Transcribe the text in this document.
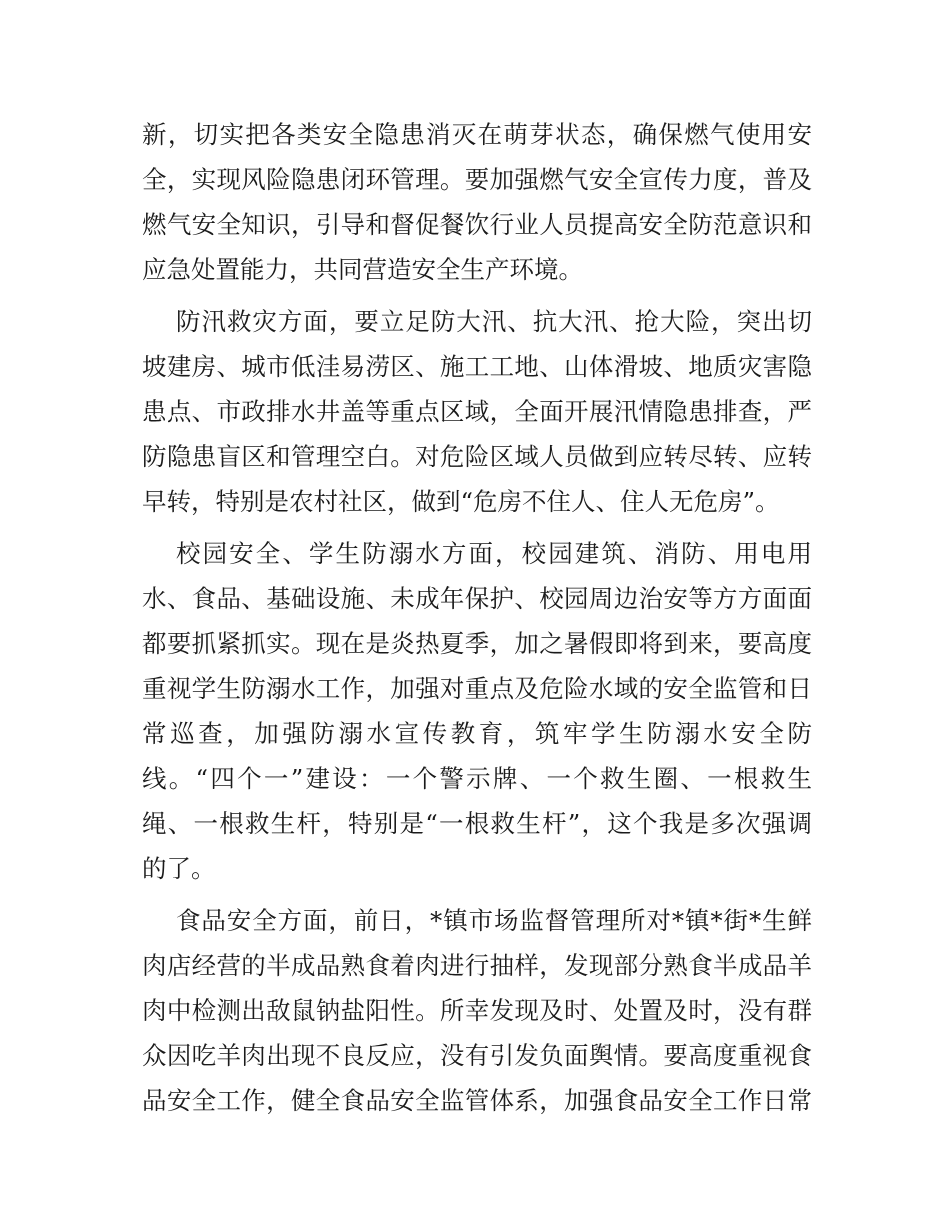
新，切实把各类安全隐患消灭在萌芽状态，确保燃气使用安
全，实现风险隐患闭环管理。要加强燃气安全宣传力度，普及
燃气安全知识，引导和督促餐饮行业人员提高安全防范意识和
应急处置能力，共同营造安全生产环境。
防汛救灾方面，要立足防大汛、抗大汛、抢大险，突出切
坡建房、城市低洼易涝区、施工工地、山体滑坡、地质灾害隐
患点、市政排水井盖等重点区域，全面开展汛情隐患排查，严
防隐患盲区和管理空白。对危险区域人员做到应转尽转、应转
早转，特别是农村社区，做到“危房不住人、住人无危房”。
校园安全、学生防溺水方面，校园建筑、消防、用电用
水、食品、基础设施、未成年保护、校园周边治安等方方面面
都要抓紧抓实。现在是炎热夏季，加之暑假即将到来，要高度
重视学生防溺水工作，加强对重点及危险水域的安全监管和日
常巡查，加强防溺水宣传教育，筑牢学生防溺水安全防
线。“四个一”建设：一个警示牌、一个救生圈、一根救生
绳、一根救生杆，特别是“一根救生杆”，这个我是多次强调
的了。
食品安全方面，前日，*镇市场监督管理所对*镇*街*生鲜
肉店经营的半成品熟食着肉进行抽样，发现部分熟食半成品羊
肉中检测出敌鼠钠盐阳性。所幸发现及时、处置及时，没有群
众因吃羊肉出现不良反应，没有引发负面舆情。要高度重视食
品安全工作，健全食品安全监管体系，加强食品安全工作日常
